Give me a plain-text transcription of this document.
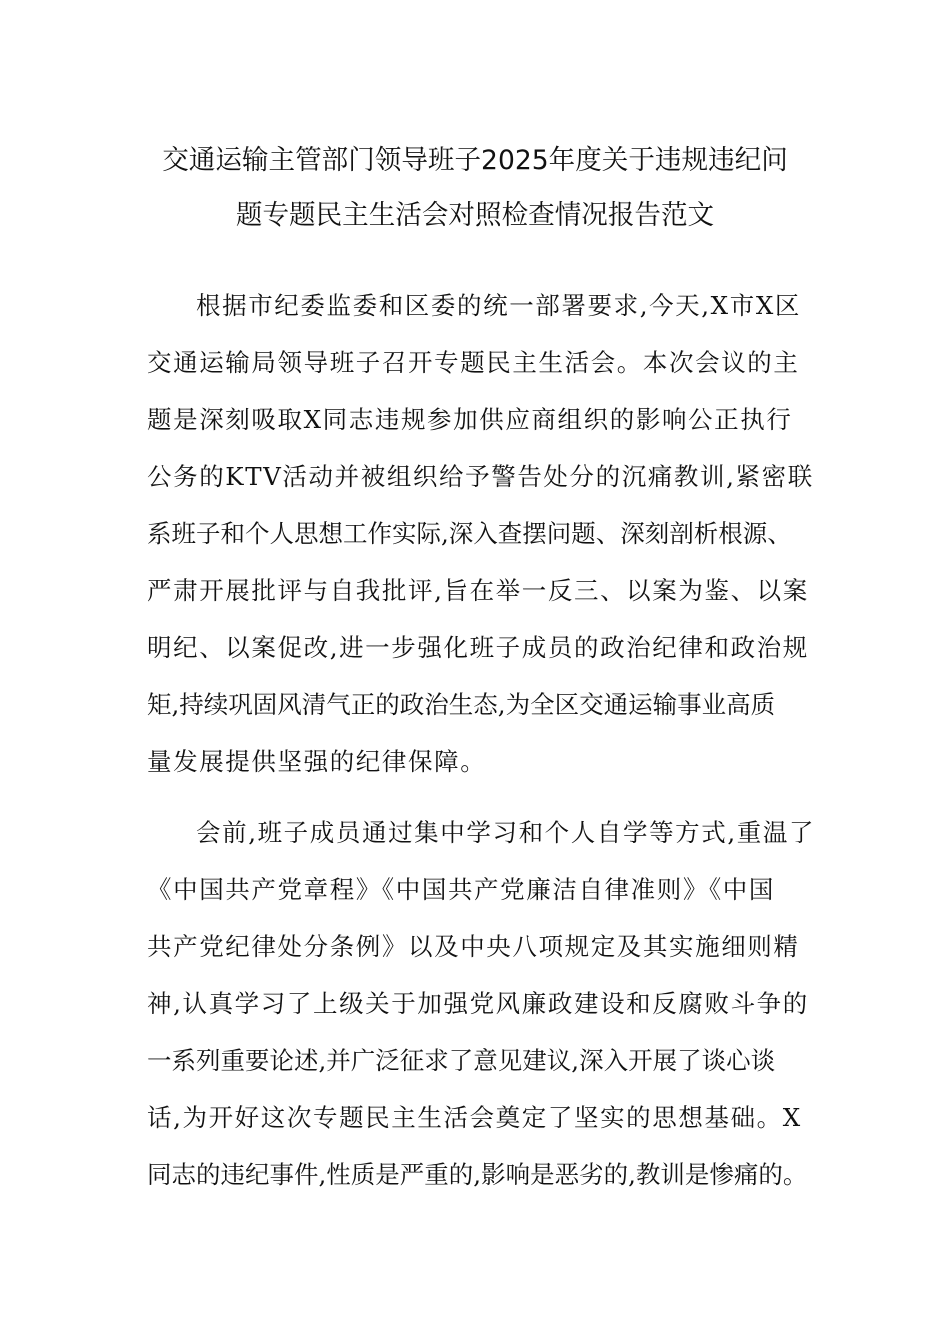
交通运输主管部门领导班子2025年度关于违规违纪问
题专题民主生活会对照检查情况报告范文
根据市纪委监委和区委的统一部署要求,今天,X市X区
交通运输局领导班子召开专题民主生活会。本次会议的主
题是深刻吸取X同志违规参加供应商组织的影响公正执行
公务的KTV活动并被组织给予警告处分的沉痛教训,紧密联
系班子和个人思想工作实际,深入查摆问题、深刻剖析根源、
严肃开展批评与自我批评,旨在举一反三、以案为鉴、以案
明纪、以案促改,进一步强化班子成员的政治纪律和政治规
矩,持续巩固风清气正的政治生态,为全区交通运输事业高质
量发展提供坚强的纪律保障。
会前,班子成员通过集中学习和个人自学等方式,重温了
《中国共产党章程》《中国共产党廉洁自律准则》《中国
共产党纪律处分条例》以及中央八项规定及其实施细则精
神,认真学习了上级关于加强党风廉政建设和反腐败斗争的
一系列重要论述,并广泛征求了意见建议,深入开展了谈心谈
话,为开好这次专题民主生活会奠定了坚实的思想基础。X
同志的违纪事件,性质是严重的,影响是恶劣的,教训是惨痛的。
